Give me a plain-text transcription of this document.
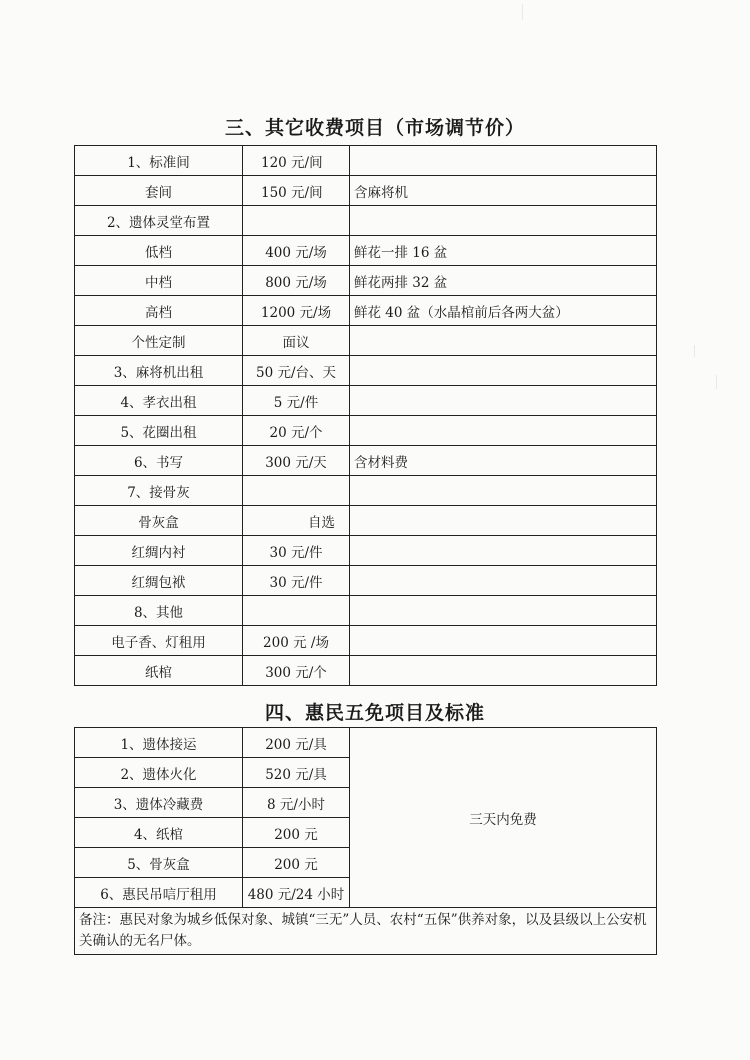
三、其它收费项目（市场调节价）
1、标准间	120 元/间	
套间	150 元/间	含麻将机
2、遗体灵堂布置		
低档	400 元/场	鲜花一排 16 盆
中档	800 元/场	鲜花两排 32 盆
高档	1200 元/场	鲜花 40 盆（水晶棺前后各两大盆）
个性定制	面议	
3、麻将机出租	50 元/台、天	
4、孝衣出租	5 元/件	
5、花圈出租	20 元/个	
6、书写	300 元/天	含材料费
7、接骨灰		
骨灰盒	自选	
红绸内衬	30 元/件	
红绸包袱	30 元/件	
8、其他		
电子香、灯租用	200 元 /场	
纸棺	300 元/个	
四、惠民五免项目及标准
1、遗体接运	200 元/具	三天内免费
2、遗体火化	520 元/具	
3、遗体冷藏费	8 元/小时	
4、纸棺	200 元	
5、骨灰盒	200 元	
6、惠民吊唁厅租用	480 元/24 小时	
备注：惠民对象为城乡低保对象、城镇“三无”人员、农村“五保”供养对象，以及县级以上公安机关确认的无名尸体。		
